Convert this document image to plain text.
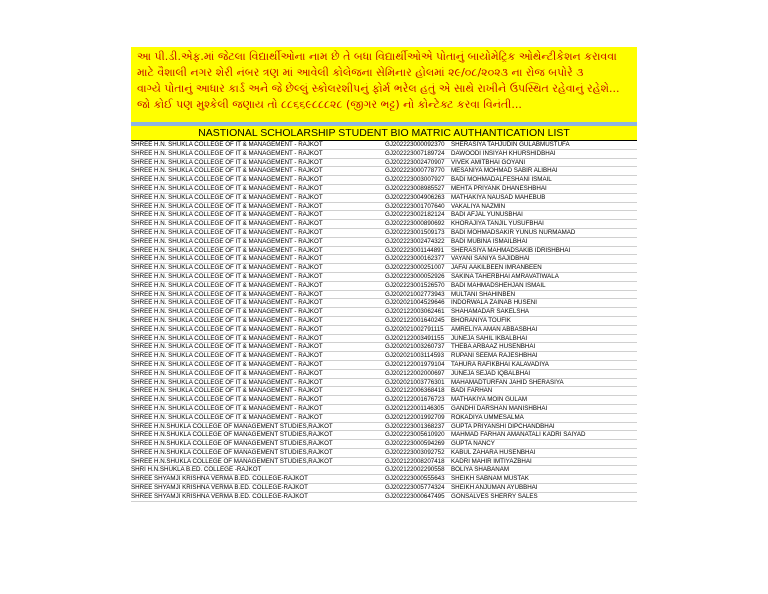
આ પી.ડી.એફ.માં જેટલા વિદ્યાર્થીઓના નામ છે તે બધા વિદ્યાર્થીઓએ પોતાનું બાયોમેટ્રિક ઓથેન્ટીકેશન કરાવવા
માટે વૈશાલી નગર શેરી નંબર ત્રણ માં આવેલી કોલેજના સેમિનાર હોલમાં ૨૯/૦૮/૨૦૨૩ ના રોજ બપોરે ૩
વાગ્યે પોતાનું આધાર કાર્ડ અને જે છેલ્લું સ્કોલરશીપનું ફોર્મ ભરેલ હતું એ સાથે રાખીને ઉપસ્થિત રહેવાનું રહેશે...
જો કોઈ પણ મુશ્કેલી જણાય તો ૮૮૬૬૯૮૮૮૨૮ (જીગર ભટ્ટ) નો કોન્ટેક્ટ કરવા વિનંતી...
NASTIONAL SCHOLARSHIP STUDENT BIO MATRIC AUTHANTICATION LIST
SHREE H.N. SHUKLA COLLEGE OF IT & MANAGEMENT - RAJKOT	GJ202223000092370	SHERASIYA TAHJUDIN GULABMUSTUFA
SHREE H.N. SHUKLA COLLEGE OF IT & MANAGEMENT - RAJKOT	GJ202223007189724	DAWOODI INSIYAH KHURSHIDBHAI
SHREE H.N. SHUKLA COLLEGE OF IT & MANAGEMENT - RAJKOT	GJ202223002470907	VIVEK AMITBHAI GOYANI
SHREE H.N. SHUKLA COLLEGE OF IT & MANAGEMENT - RAJKOT	GJ202223000778770	MESANIYA MOHMAD SABIR ALIBHAI
SHREE H.N. SHUKLA COLLEGE OF IT & MANAGEMENT - RAJKOT	GJ202223003007927	BADI MOHMADALFESHANI ISMAIL
SHREE H.N. SHUKLA COLLEGE OF IT & MANAGEMENT - RAJKOT	GJ202223008985527	MEHTA PRIYANK DHANESHBHAI
SHREE H.N. SHUKLA COLLEGE OF IT & MANAGEMENT - RAJKOT	GJ202223004906263	MATHAKIYA NAUSAD MAHEBUB
SHREE H.N. SHUKLA COLLEGE OF IT & MANAGEMENT - RAJKOT	GJ202223001707640	VAKALIYA NAZMIN
SHREE H.N. SHUKLA COLLEGE OF IT & MANAGEMENT - RAJKOT	GJ202223002182124	BADI AFJAL YUNUSBHAI
SHREE H.N. SHUKLA COLLEGE OF IT & MANAGEMENT - RAJKOT	GJ202223000890692	KHORAJIYA TANJIL YUSUFBHAI
SHREE H.N. SHUKLA COLLEGE OF IT & MANAGEMENT - RAJKOT	GJ202223001509173	BADI MOHMADSAKIR YUNUS NURMAMAD
SHREE H.N. SHUKLA COLLEGE OF IT & MANAGEMENT - RAJKOT	GJ202223002474322	BADI MUBINA ISMAILBHAI
SHREE H.N. SHUKLA COLLEGE OF IT & MANAGEMENT - RAJKOT	GJ202223001144891	SHERASIYA MAHMADSAKIB IDRISHBHAI
SHREE H.N. SHUKLA COLLEGE OF IT & MANAGEMENT - RAJKOT	GJ202223000162377	VAYANI SANIYA SAJIDBHAI
SHREE H.N. SHUKLA COLLEGE OF IT & MANAGEMENT - RAJKOT	GJ202223000251007	JAFAI AAKILBEEN IMRANBEEN
SHREE H.N. SHUKLA COLLEGE OF IT & MANAGEMENT - RAJKOT	GJ202223000052926	SAKINA TAHERBHAI AMRAVATIWALA
SHREE H.N. SHUKLA COLLEGE OF IT & MANAGEMENT - RAJKOT	GJ202223001526570	BADI MAHMADSHEHJAN ISMAIL
SHREE H.N. SHUKLA COLLEGE OF IT & MANAGEMENT - RAJKOT	GJ202021002773943	MULTANI SHAHINBEN
SHREE H.N. SHUKLA COLLEGE OF IT & MANAGEMENT - RAJKOT	GJ202021004529646	INDORWALA ZAINAB HUSENI
SHREE H.N. SHUKLA COLLEGE OF IT & MANAGEMENT - RAJKOT	GJ202122003062461	SHAHAMADAR SAKELSHA
SHREE H.N. SHUKLA COLLEGE OF IT & MANAGEMENT - RAJKOT	GJ202122001640245	BHORANIYA TOUFIK
SHREE H.N. SHUKLA COLLEGE OF IT & MANAGEMENT - RAJKOT	GJ202021002791115	AMRELIYA AMAN ABBASBHAI
SHREE H.N. SHUKLA COLLEGE OF IT & MANAGEMENT - RAJKOT	GJ202122003491155	JUNEJA SAHIL IKBALBHAI
SHREE H.N. SHUKLA COLLEGE OF IT & MANAGEMENT - RAJKOT	GJ202021003260737	THEBA ARBAAZ HUSENBHAI
SHREE H.N. SHUKLA COLLEGE OF IT & MANAGEMENT - RAJKOT	GJ202021003114593	RUPANI SEEMA RAJESHBHAI
SHREE H.N. SHUKLA COLLEGE OF IT & MANAGEMENT - RAJKOT	GJ202122001979104	TAHURA RAFIKBHAI KALAVADIYA
SHREE H.N. SHUKLA COLLEGE OF IT & MANAGEMENT - RAJKOT	GJ202122002000697	JUNEJA SEJAD IQBALBHAI
SHREE H.N. SHUKLA COLLEGE OF IT & MANAGEMENT - RAJKOT	GJ202021003776301	MAHAMADTURFAN JAHID SHERASIYA
SHREE H.N. SHUKLA COLLEGE OF IT & MANAGEMENT - RAJKOT	GJ202122006368418	BADI FARHAN
SHREE H.N. SHUKLA COLLEGE OF IT & MANAGEMENT - RAJKOT	GJ202122001676723	MATHAKIYA MOIN GULAM
SHREE H.N. SHUKLA COLLEGE OF IT & MANAGEMENT - RAJKOT	GJ202122001146305	GANDHI DARSHAN MANISHBHAI
SHREE H.N. SHUKLA COLLEGE OF IT & MANAGEMENT - RAJKOT	GJ202122001992709	ROKADIYA UMMESALMA
SHREE H.N.SHUKLA COLLEGE OF MANAGEMENT STUDIES,RAJKOT	GJ202223001368237	GUPTA PRIYANSHI DIPCHANDBHAI
SHREE H.N.SHUKLA COLLEGE OF MANAGEMENT STUDIES,RAJKOT	GJ202223005610920	MAHMAD FARHAN AMANATALI KADRI SAIYAD
SHREE H.N.SHUKLA COLLEGE OF MANAGEMENT STUDIES,RAJKOT	GJ202223000594269	GUPTA NANCY
SHREE H.N.SHUKLA COLLEGE OF MANAGEMENT STUDIES,RAJKOT	GJ202223003092752	KABUL ZAHARA HUSENBHAI
SHREE H.N.SHUKLA COLLEGE OF MANAGEMENT STUDIES,RAJKOT	GJ202122008207418	KADRI MAHIR IMTIYAZBHAI
SHRI H.N.SHUKLA B.ED. COLLEGE -RAJKOT	GJ202122002290558	BOLIYA SHABANAM
SHREE SHYAMJI KRISHNA VERMA B.ED. COLLEGE-RAJKOT	GJ202223000555643	SHEIKH SABNAM MUSTAK
SHREE SHYAMJI KRISHNA VERMA B.ED. COLLEGE-RAJKOT	GJ202223005774324	SHEIKH ANJUMAN AYUBBHAI
SHREE SHYAMJI KRISHNA VERMA B.ED. COLLEGE-RAJKOT	GJ202223000647495	GONSALVES SHERRY SALES
